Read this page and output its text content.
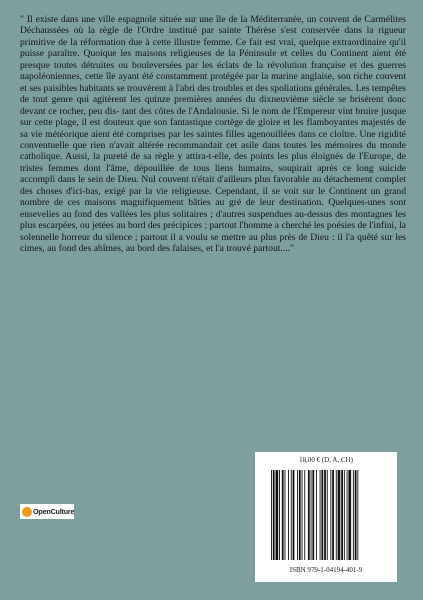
" Il existe dans une ville espagnole située sur une île de la Méditerranée, un couvent de Carmélites Déchaussées où la règle de l'Ordre institué par sainte Thérèse s'est conservée dans la rigueur primitive de la réformation due à cette illustre femme. Ce fait est vrai, quelque extraordinaire qu'il puisse paraître. Quoique les maisons religieuses de la Péninsule et celles du Continent aient été presque toutes détruites ou bouleversées par les éclats de la révolution française et des guerres napoléoniennes, cette île ayant été constamment protégée par la marine anglaise, son riche couvent et ses paisibles habitants se trouvèrent à l'abri des troubles et des spoliations générales. Les tempêtes de tout genre qui agitèrent les quinze premières années du dixneuvième siècle se brisèrent donc devant ce rocher, peu dis- tant des côtes de l'Andalousie. Si le nom de l'Empereur vint bruire jusque sur cette plage, il est douteux que son fantastique cortège de gloire et les flamboyantes majestés de sa vie météorique aient été comprises par les saintes filles agenouillées dans ce cloître. Une rigidité conventuelle que rien n'avait altérée recommandait cet asile dans toutes les mémoires du monde catholique. Aussi, la pureté de sa règle y attira-t-elle, des points les plus éloignés de l'Europe, de tristes femmes dont l'âme, dépouillée de tous liens humains, soupirait après ce long suicide accompli dans le sein de Dieu. Nul couvent n'était d'ailleurs plus favorable au détachement complet des choses d'ici-bas, exigé par la vie religieuse. Cependant, il se voit sur le Continent un grand nombre de ces maisons magnifiquement bâties au gré de leur destination. Quelques-unes sont ensevelies au fond des vallées les plus solitaires ; d'autres suspendues au-dessus des montagnes les plus escarpées, ou jetées au bord des précipices ; partout l'homme a cherché les poésies de l'infini, la solennelle horreur du silence ; partout il a voulu se mettre au plus près de Dieu : il l'a quêté sur les cimes, au fond des abîmes, au bord des falaises, et l'a trouvé partout...."

OpenCulture
18,00 € (D, A, CH)
ISBN 979-1-04194-401-9
